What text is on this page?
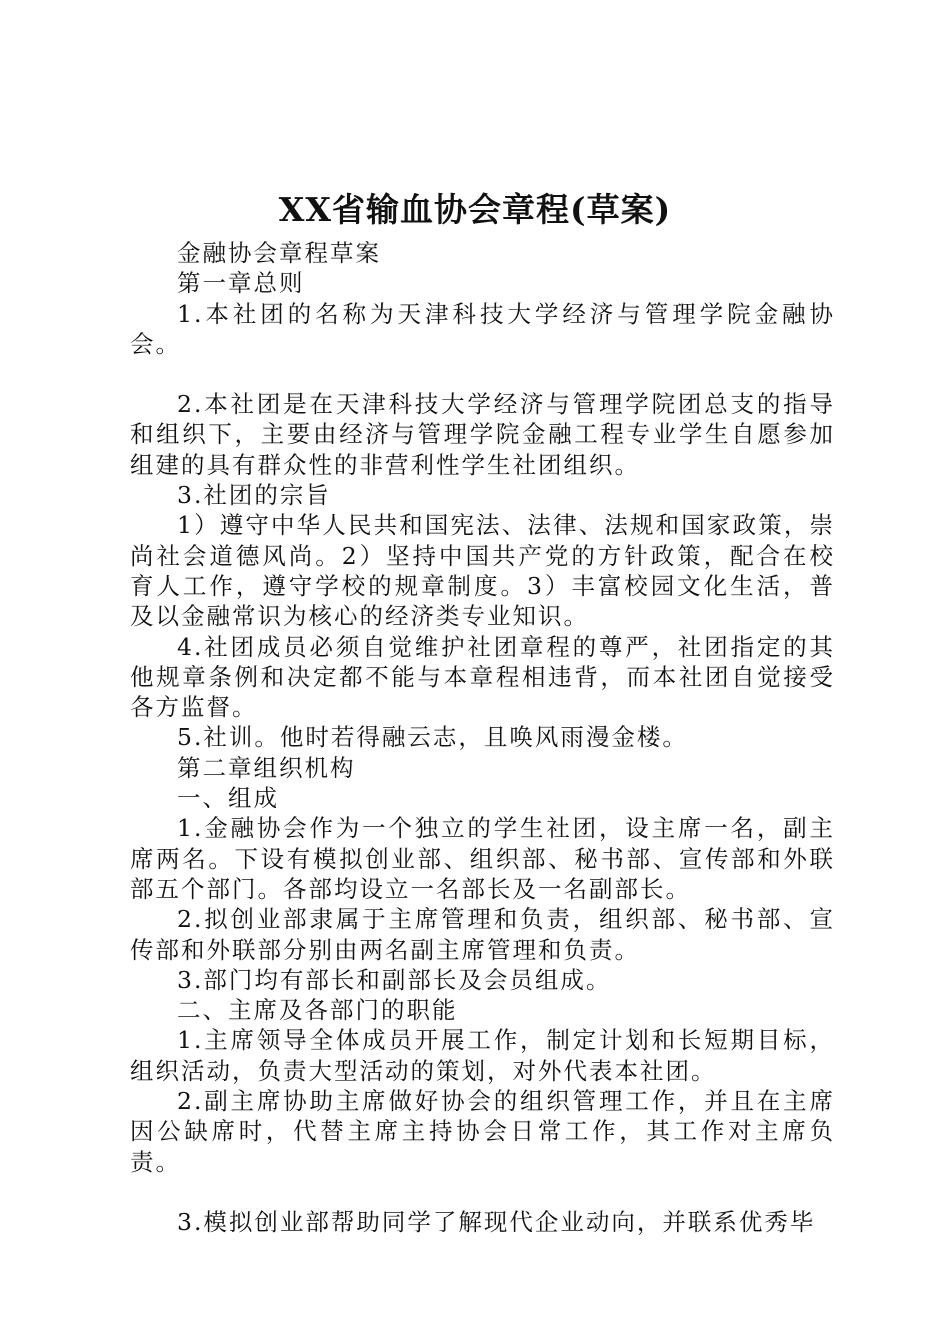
XX省输血协会章程(草案)

金融协会章程草案

第一章总则

1.本社团的名称为天津科技大学经济与管理学院金融协会。

2.本社团是在天津科技大学经济与管理学院团总支的指导和组织下，主要由经济与管理学院金融工程专业学生自愿参加组建的具有群众性的非营利性学生社团组织。

3.社团的宗旨

1）遵守中华人民共和国宪法、法律、法规和国家政策，崇尚社会道德风尚。2）坚持中国共产党的方针政策，配合在校育人工作，遵守学校的规章制度。3）丰富校园文化生活，普及以金融常识为核心的经济类专业知识。

4.社团成员必须自觉维护社团章程的尊严，社团指定的其他规章条例和决定都不能与本章程相违背，而本社团自觉接受各方监督。

5.社训。他时若得融云志，且唤风雨漫金楼。

第二章组织机构

一、组成

1.金融协会作为一个独立的学生社团，设主席一名，副主席两名。下设有模拟创业部、组织部、秘书部、宣传部和外联部五个部门。各部均设立一名部长及一名副部长。

2.拟创业部隶属于主席管理和负责，组织部、秘书部、宣传部和外联部分别由两名副主席管理和负责。

3.部门均有部长和副部长及会员组成。

二、主席及各部门的职能

1.主席领导全体成员开展工作，制定计划和长短期目标，组织活动，负责大型活动的策划，对外代表本社团。

2.副主席协助主席做好协会的组织管理工作，并且在主席因公缺席时，代替主席主持协会日常工作，其工作对主席负责。

3.模拟创业部帮助同学了解现代企业动向，并联系优秀毕
